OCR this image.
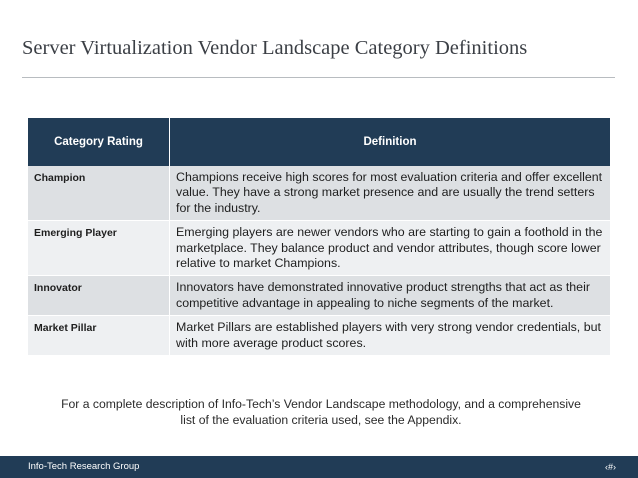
Server Virtualization Vendor Landscape Category Definitions
Category Rating	Definition
Champion	Champions receive high scores for most evaluation criteria and offer excellent value. They have a strong market presence and are usually the trend setters for the industry.
Emerging Player	Emerging players are newer vendors who are starting to gain a foothold in the marketplace. They balance product and vendor attributes, though score lower relative to market Champions.
Innovator	Innovators have demonstrated innovative product strengths that act as their competitive advantage in appealing to niche segments of the market.
Market Pillar	Market Pillars are established players with very strong vendor credentials, but with more average product scores.
For a complete description of Info-Tech’s Vendor Landscape methodology, and a comprehensive list of the evaluation criteria used, see the Appendix.
Info-Tech Research Group	‹#›
